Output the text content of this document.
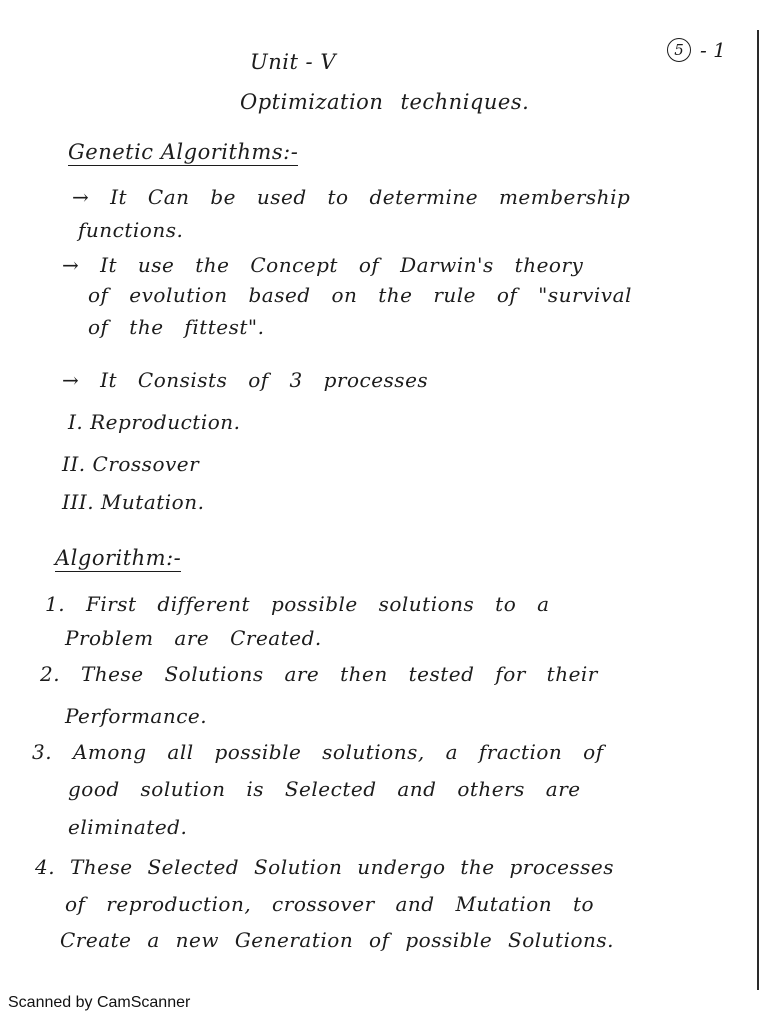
Unit - V	5 - 1
Optimization techniques.
Genetic Algorithms:-
→ It Can be used to determine membership
functions.
→ It use the Concept of Darwin's theory
of evolution based on the rule of "survival
of the fittest".
→ It Consists of 3 processes
I. Reproduction.
II. Crossover
III. Mutation.
Algorithm:-
1. First different possible solutions to a
Problem are Created.
2. These Solutions are then tested for their
Performance.
3. Among all possible solutions, a fraction of
good solution is Selected and others are
eliminated.
4. These Selected Solution undergo the processes
of reproduction, crossover and Mutation to
Create a new Generation of possible Solutions.
Scanned by CamScanner
